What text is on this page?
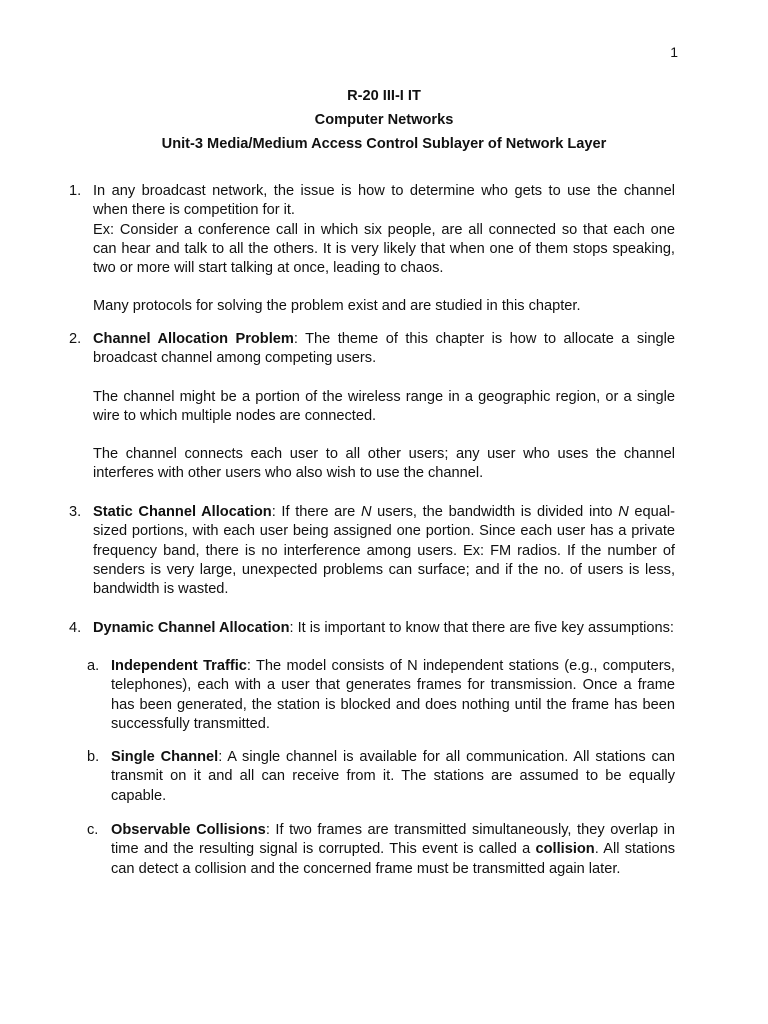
1
R-20 III-I IT
Computer Networks
Unit-3 Media/Medium Access Control Sublayer of Network Layer
1. In any broadcast network, the issue is how to determine who gets to use the channel when there is competition for it.

Ex: Consider a conference call in which six people, are all connected so that each one can hear and talk to all the others. It is very likely that when one of them stops speaking, two or more will start talking at once, leading to chaos.

Many protocols for solving the problem exist and are studied in this chapter.

2. Channel Allocation Problem: The theme of this chapter is how to allocate a single broadcast channel among competing users.

The channel might be a portion of the wireless range in a geographic region, or a single wire to which multiple nodes are connected.

The channel connects each user to all other users; any user who uses the channel interferes with other users who also wish to use the channel.

3. Static Channel Allocation: If there are N users, the bandwidth is divided into N equal-sized portions, with each user being assigned one portion. Since each user has a private frequency band, there is no interference among users. Ex: FM radios. If the number of senders is very large, unexpected problems can surface; and if the no. of users is less, bandwidth is wasted.

4. Dynamic Channel Allocation: It is important to know that there are five key assumptions:

a. Independent Traffic: The model consists of N independent stations (e.g., computers, telephones), each with a user that generates frames for transmission. Once a frame has been generated, the station is blocked and does nothing until the frame has been successfully transmitted.

b. Single Channel: A single channel is available for all communication. All stations can transmit on it and all can receive from it. The stations are assumed to be equally capable.

c. Observable Collisions: If two frames are transmitted simultaneously, they overlap in time and the resulting signal is corrupted. This event is called a collision. All stations can detect a collision and the concerned frame must be transmitted again later.
